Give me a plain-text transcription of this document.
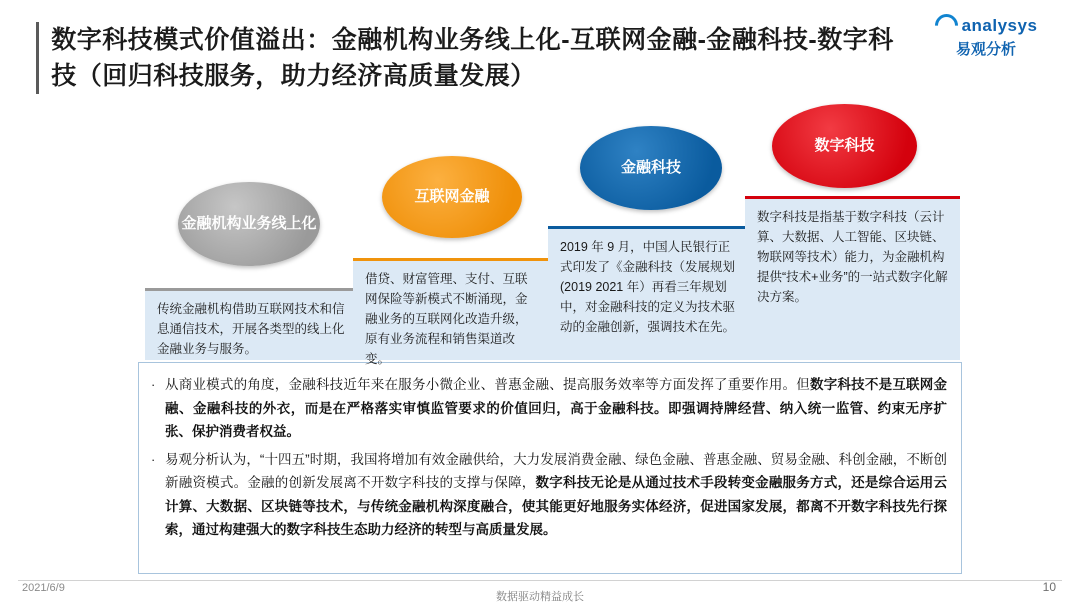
数字科技模式价值溢出：金融机构业务线上化-互联网金融-金融科技-数字科技（回归科技服务，助力经济高质量发展）
analysys
易观分析
传统金融机构借助互联网技术和信息通信技术，开展各类型的线上化金融业务与服务。
借贷、财富管理、支付、互联网保险等新模式不断涌现，金融业务的互联网化改造升级，原有业务流程和销售渠道改变。
2019 年 9 月，中国人民银行正式印发了《金融科技（发展规划(2019 2021 年）再看三年规划中，对金融科技的定义为技术驱动的金融创新，强调技术在先。
数字科技是指基于数字科技（云计算、大数据、人工智能、区块链、物联网等技术）能力，为金融机构提供“技术+业务”的一站式数字化解决方案。
金融机构业务线上化
互联网金融
金融科技
数字科技
· 从商业模式的角度，金融科技近年来在服务小微企业、普惠金融、提高服务效率等方面发挥了重要作用。但数字科技不是互联网金融、金融科技的外衣，而是在严格落实审慎监管要求的价值回归，高于金融科技。即强调持牌经营、纳入统一监管、约束无序扩张、保护消费者权益。
· 易观分析认为，“十四五”时期，我国将增加有效金融供给，大力发展消费金融、绿色金融、普惠金融、贸易金融、科创金融，不断创新融资模式。金融的创新发展离不开数字科技的支撑与保障，数字科技无论是从通过技术手段转变金融服务方式，还是综合运用云计算、大数据、区块链等技术，与传统金融机构深度融合，使其能更好地服务实体经济，促进国家发展，都离不开数字科技先行探索，通过构建强大的数字科技生态助力经济的转型与高质量发展。
2021/6/9
数据驱动精益成长
10
